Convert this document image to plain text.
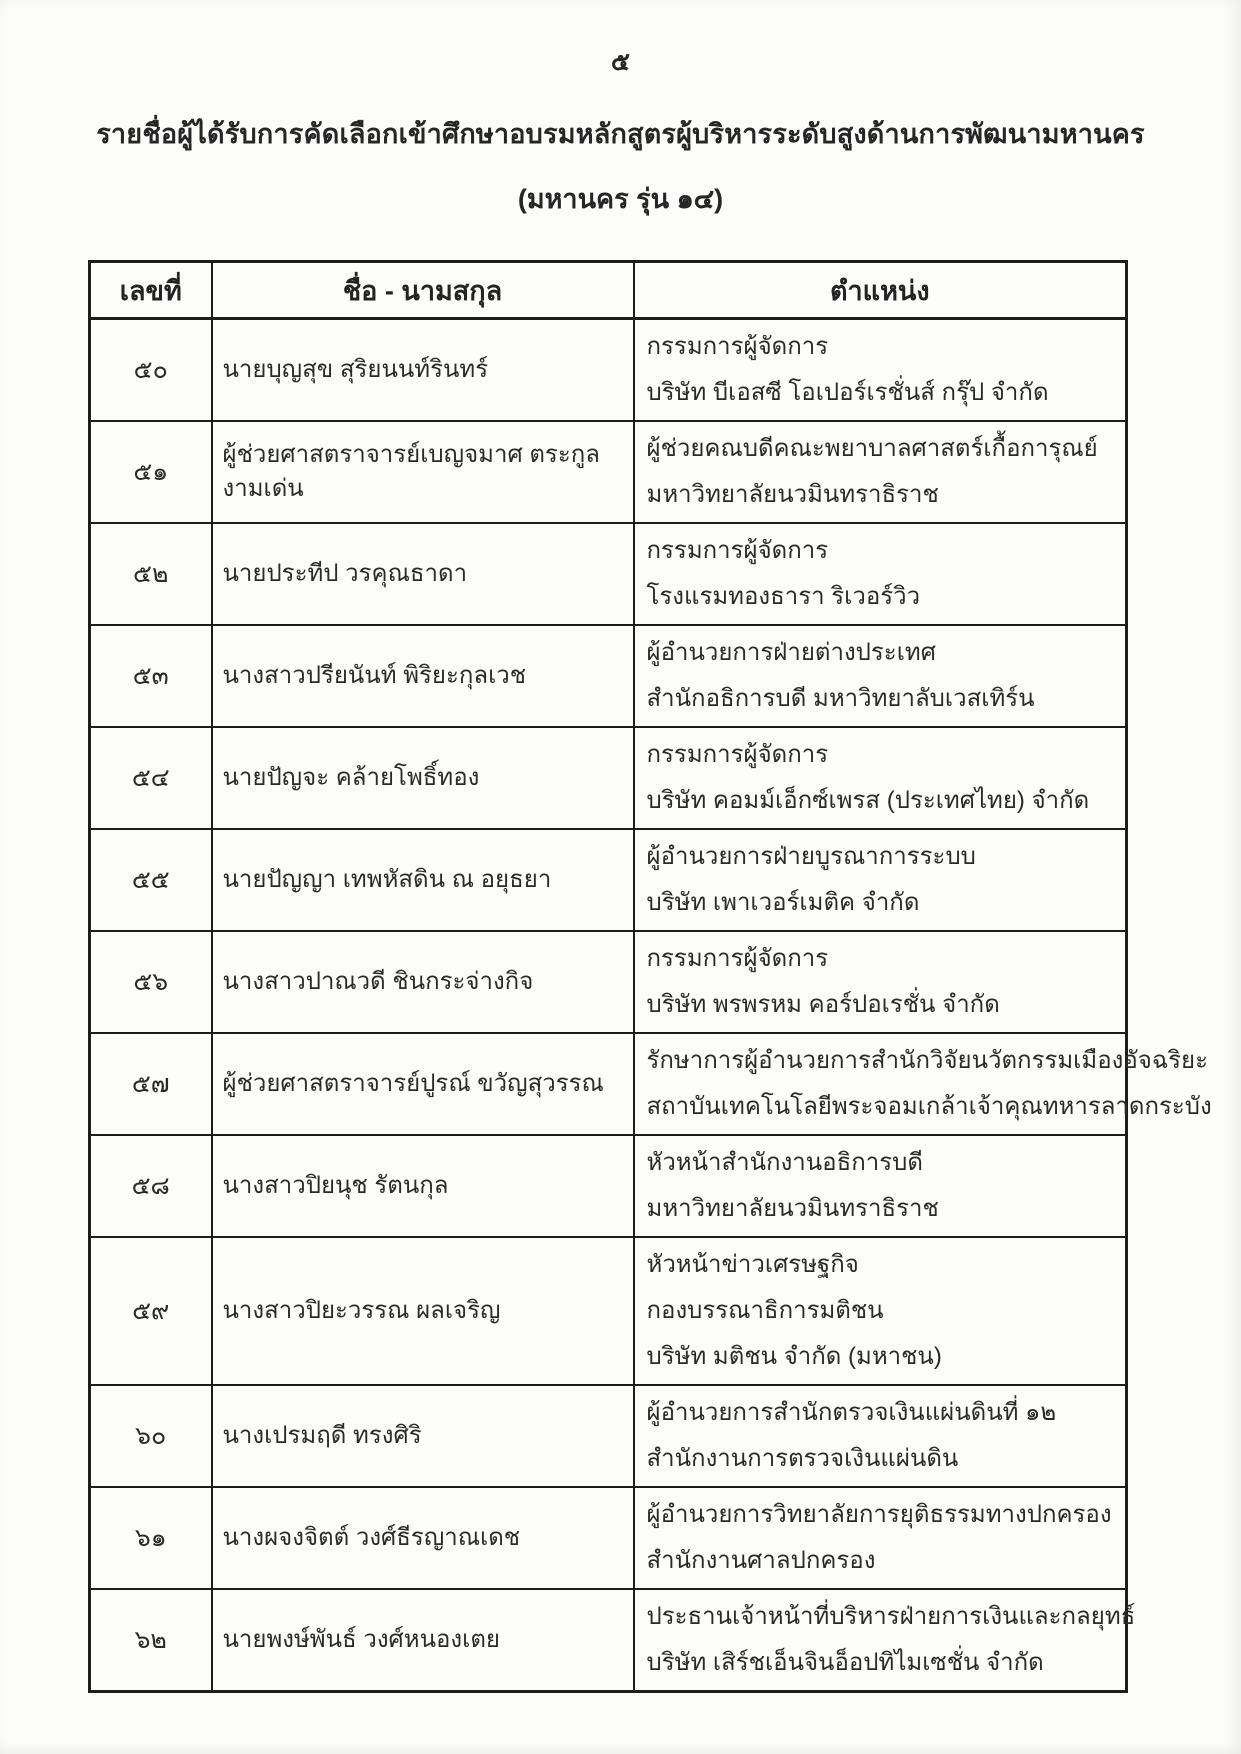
๕
รายชื่อผู้ได้รับการคัดเลือกเข้าศึกษาอบรมหลักสูตรผู้บริหารระดับสูงด้านการพัฒนามหานคร
(มหานคร รุ่น ๑๔)
เลขที่	ชื่อ - นามสกุล	ตำแหน่ง
๕๐	นายบุญสุข สุริยนนท์รินทร์	กรรมการผู้จัดการ
บริษัท บีเอสซี โอเปอร์เรชั่นส์ กรุ๊ป จำกัด

๕๑	ผู้ช่วยศาสตราจารย์เบญจมาศ ตระกูลงามเด่น	ผู้ช่วยคณบดีคณะพยาบาลศาสตร์เกื้อการุณย์
มหาวิทยาลัยนวมินทราธิราช

๕๒	นายประทีป วรคุณธาดา	กรรมการผู้จัดการ
โรงแรมทองธารา ริเวอร์วิว

๕๓	นางสาวปรียนันท์ พิริยะกุลเวช	ผู้อำนวยการฝ่ายต่างประเทศ
สำนักอธิการบดี มหาวิทยาลับเวสเทิร์น

๕๔	นายปัญจะ คล้ายโพธิ์ทอง	กรรมการผู้จัดการ
บริษัท คอมม์เอ็กซ์เพรส (ประเทศไทย) จำกัด

๕๕	นายปัญญา เทพหัสดิน ณ อยุธยา	ผู้อำนวยการฝ่ายบูรณาการระบบ
บริษัท เพาเวอร์เมติค จำกัด

๕๖	นางสาวปาณวดี ชินกระจ่างกิจ	กรรมการผู้จัดการ
บริษัท พรพรหม คอร์ปอเรชั่น จำกัด

๕๗	ผู้ช่วยศาสตราจารย์ปูรณ์ ขวัญสุวรรณ	รักษาการผู้อำนวยการสำนักวิจัยนวัตกรรมเมืองอัจฉริยะ
สถาบันเทคโนโลยีพระจอมเกล้าเจ้าคุณทหารลาดกระบัง

๕๘	นางสาวปิยนุช รัตนกุล	หัวหน้าสำนักงานอธิการบดี
มหาวิทยาลัยนวมินทราธิราช

๕๙	นางสาวปิยะวรรณ ผลเจริญ	หัวหน้าข่าวเศรษฐกิจ
กองบรรณาธิการมติชน
บริษัท มติชน จำกัด (มหาชน)

๖๐	นางเปรมฤดี ทรงศิริ	ผู้อำนวยการสำนักตรวจเงินแผ่นดินที่ ๑๒
สำนักงานการตรวจเงินแผ่นดิน

๖๑	นางผจงจิตต์ วงศ์ธีรญาณเดช	ผู้อำนวยการวิทยาลัยการยุติธรรมทางปกครอง
สำนักงานศาลปกครอง

๖๒	นายพงษ์พันธ์ วงศ์หนองเตย	ประธานเจ้าหน้าที่บริหารฝ่ายการเงินและกลยุทธ์
บริษัท เสิร์ชเอ็นจินอ็อปทิไมเซชั่น จำกัด
